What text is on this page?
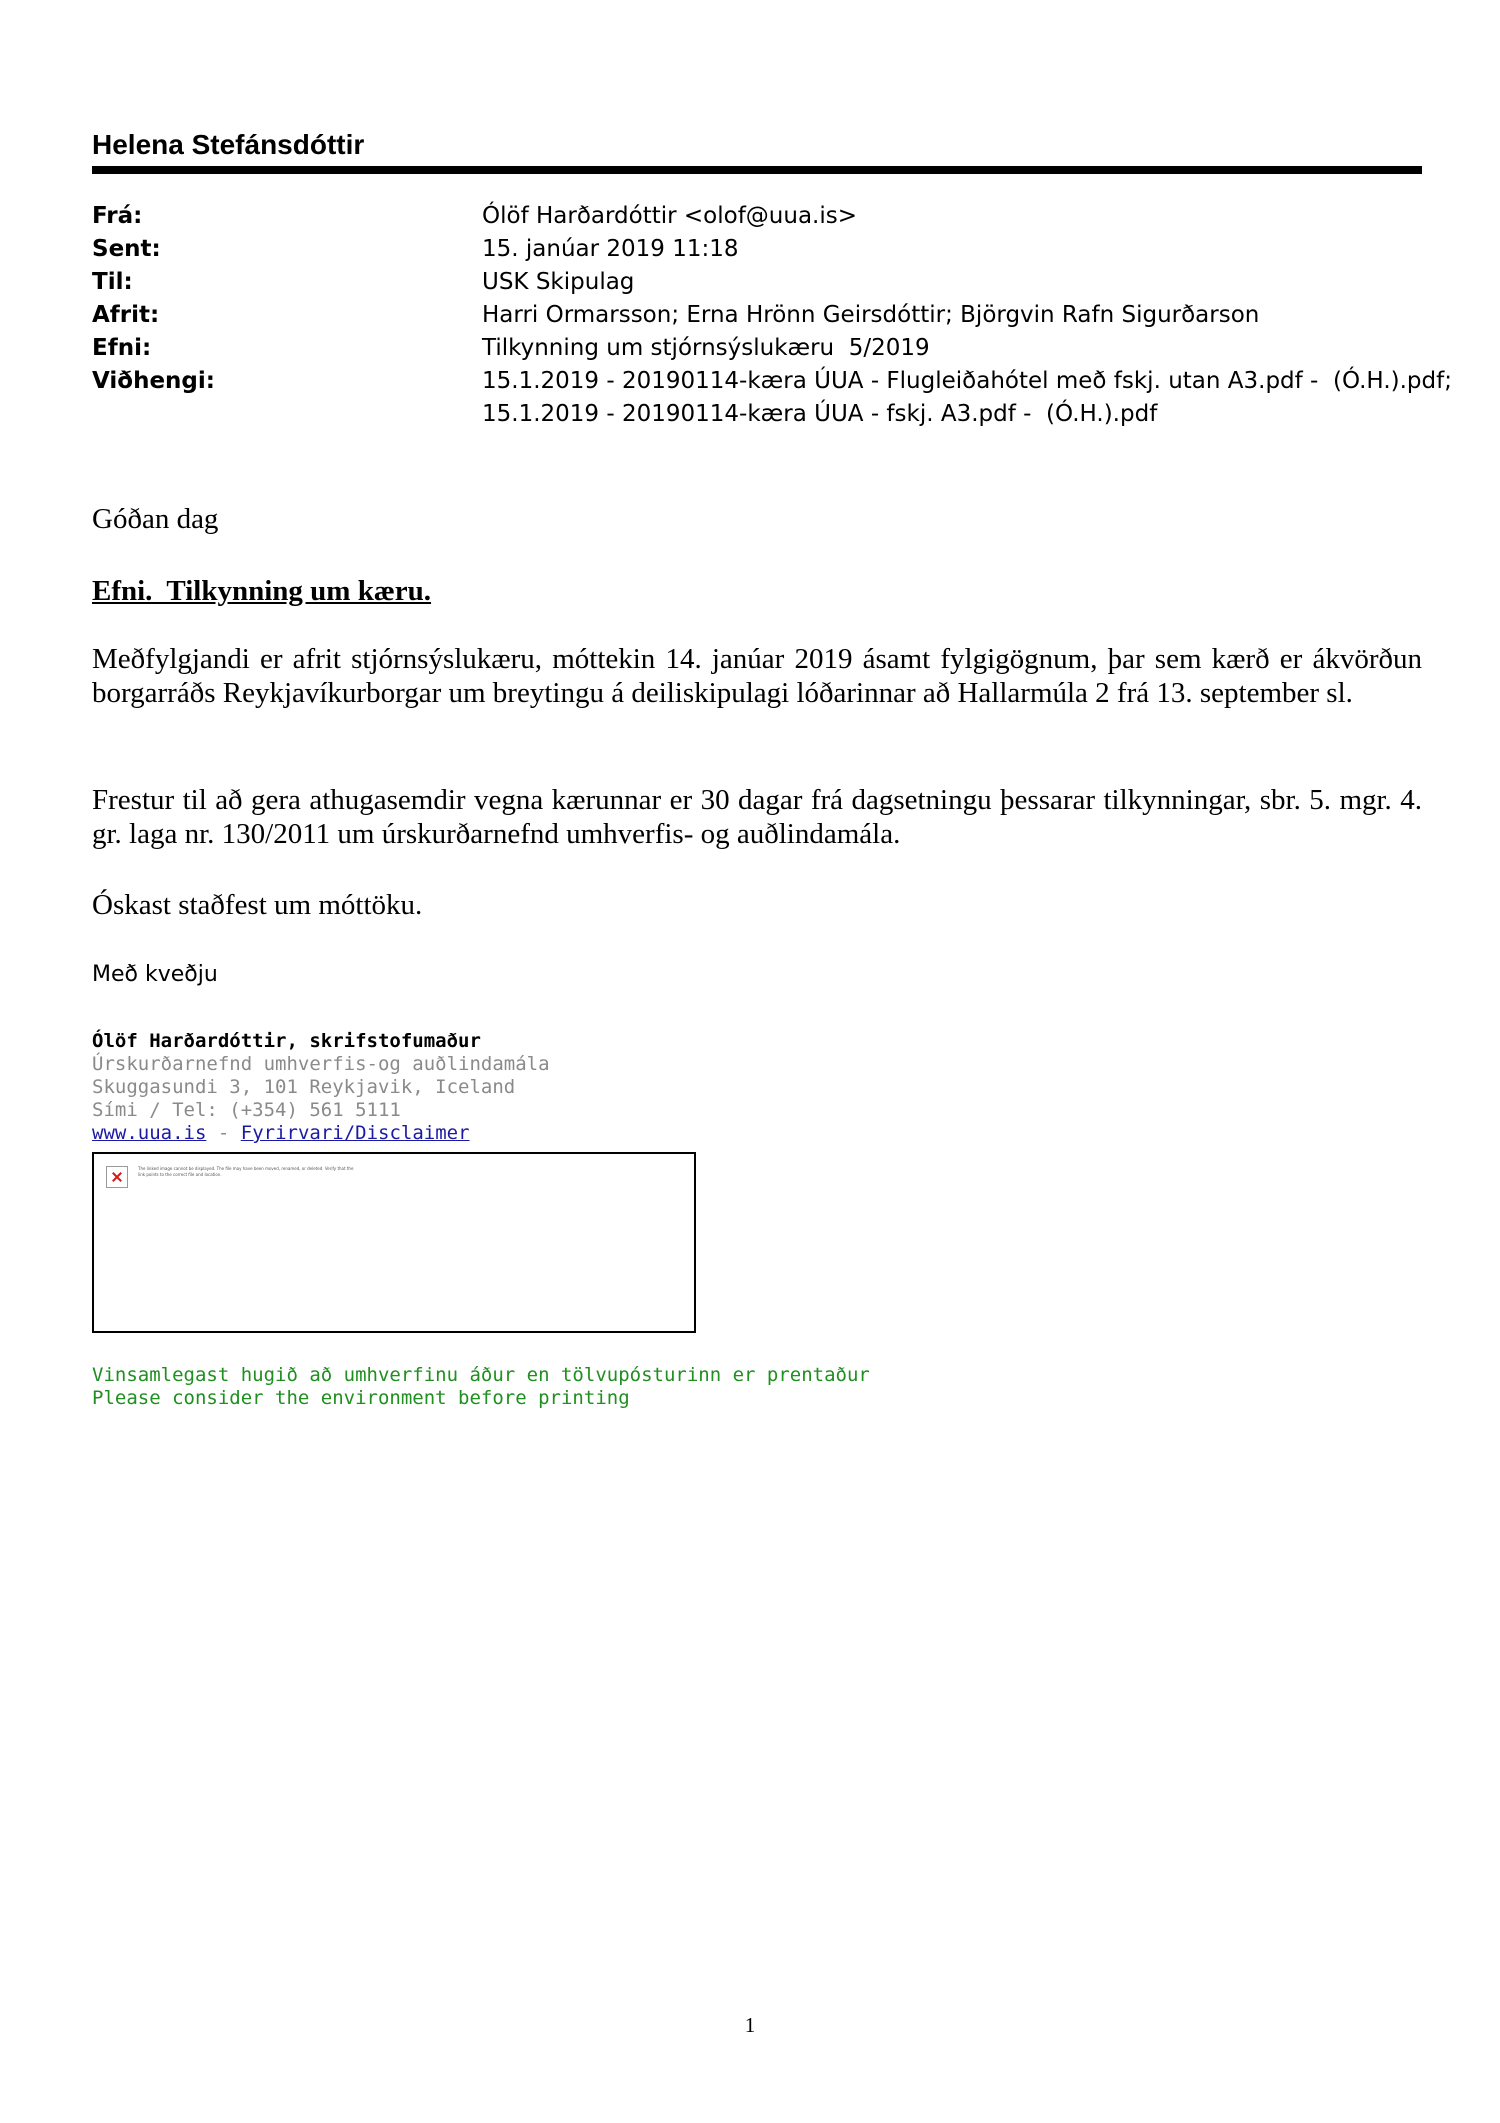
Helena Stefánsdóttir
Frá:	Ólöf Harðardóttir <olof@uua.is>
Sent:	15. janúar 2019 11:18
Til:	USK Skipulag
Afrit:	Harri Ormarsson; Erna Hrönn Geirsdóttir; Björgvin Rafn Sigurðarson
Efni:	Tilkynning um stjórnsýslukæru  5/2019
Viðhengi:	15.1.2019 - 20190114-kæra ÚUA - Flugleiðahótel með fskj. utan A3.pdf -  (Ó.H.).pdf;
15.1.2019 - 20190114-kæra ÚUA - fskj. A3.pdf -  (Ó.H.).pdf
Góðan dag
Efni.  Tilkynning um kæru.

Meðfylgjandi er afrit stjórnsýslukæru, móttekin 14. janúar 2019 ásamt fylgigögnum, þar sem kærð er ákvörðun borgarráðs Reykjavíkurborgar um breytingu á deiliskipulagi lóðarinnar að Hallarmúla 2 frá 13. september sl.

Frestur til að gera athugasemdir vegna kærunnar er 30 dagar frá dagsetningu þessarar tilkynningar, sbr. 5. mgr. 4. gr. laga nr. 130/2011 um úrskurðarnefnd umhverfis- og auðlindamála.

Óskast staðfest um móttöku.

Með kveðju
Ólöf Harðardóttir, skrifstofumaður
Úrskurðarnefnd umhverfis-og auðlindamála
Skuggasundi 3, 101 Reykjavik, Iceland
Sími / Tel: (+354) 561 5111
www.uua.is - Fyrirvari/Disclaimer
The linked image cannot be displayed. The file may have been moved, renamed, or deleted. Verify that the link points to the correct file and location.
Vinsamlegast hugið að umhverfinu áður en tölvupósturinn er prentaður
Please consider the environment before printing
1
